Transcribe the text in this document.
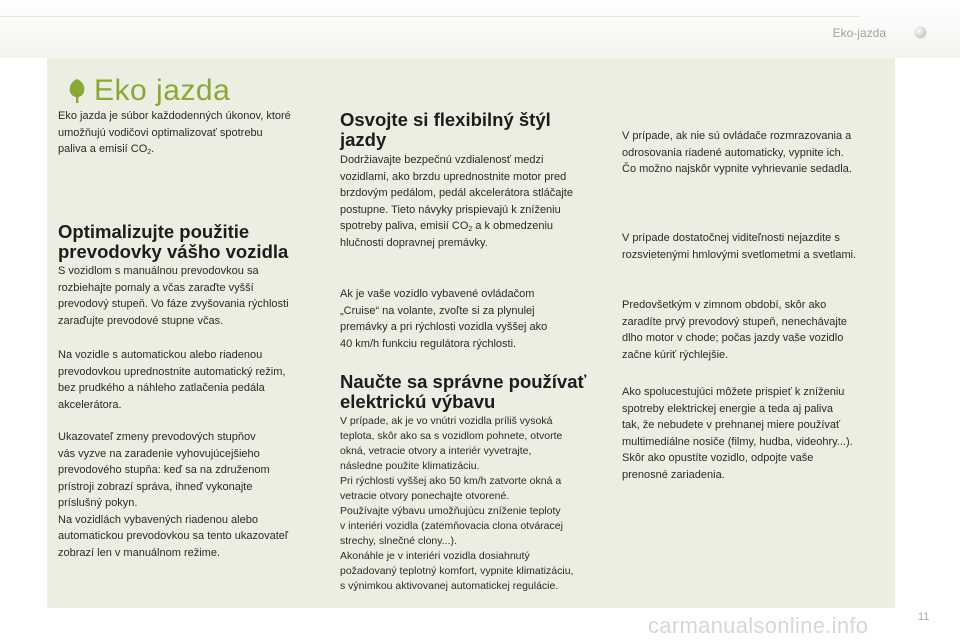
Eko-jazda
Eko jazda

Eko jazda je súbor každodenných úkonov, ktoré
umožňujú vodičovi optimalizovať spotrebu
paliva a emisií $CO_2$.

Optimalizujte použitie
prevodovky vášho vozidla

S vozidlom s manuálnou prevodovkou sa
rozbiehajte pomaly a včas zaraďte vyšší
prevodový stupeň. Vo fáze zvyšovania rýchlosti
zaraďujte prevodové stupne včas.

Na vozidle s automatickou alebo riadenou
prevodovkou uprednostnite automatický režim,
bez prudkého a náhleho zatlačenia pedála
akcelerátora.

Ukazovateľ zmeny prevodových stupňov
vás vyzve na zaradenie vyhovujúcejšieho
prevodového stupňa: keď sa na združenom
prístroji zobrazí správa, ihneď vykonajte
príslušný pokyn.
Na vozidlách vybavených riadenou alebo
automatickou prevodovkou sa tento ukazovateľ
zobrazí len v manuálnom režime.

Osvojte si flexibilný štýl
jazdy

Dodržiavajte bezpečnú vzdialenosť medzi
vozidlami, ako brzdu uprednostnite motor pred
brzdovým pedálom, pedál akcelerátora stláčajte
postupne. Tieto návyky prispievajú k zníženiu
spotreby paliva, emisií $CO_2$ a k obmedzeniu
hlučnosti dopravnej premávky.

Ak je vaše vozidlo vybavené ovládačom
„Cruise“ na volante, zvoľte si za plynulej
premávky a pri rýchlosti vozidla vyššej ako
40 km/h funkciu regulátora rýchlosti.

Naučte sa správne používať
elektrickú výbavu

V prípade, ak je vo vnútri vozidla príliš vysoká
teplota, skôr ako sa s vozidlom pohnete, otvorte
okná, vetracie otvory a interiér vyvetrajte,
následne použite klimatizáciu.
Pri rýchlosti vyššej ako 50 km/h zatvorte okná a
vetracie otvory ponechajte otvorené.
Používajte výbavu umožňujúcu zníženie teploty
v interiéri vozidla (zatemňovacia clona otváracej
strechy, slnečné clony...).
Akonáhle je v interiéri vozidla dosiahnutý
požadovaný teplotný komfort, vypnite klimatizáciu,
s výnimkou aktivovanej automatickej regulácie.

V prípade, ak nie sú ovládače rozmrazovania a
odrosovania riadené automaticky, vypnite ich.
Čo možno najskôr vypnite vyhrievanie sedadla.

V prípade dostatočnej viditeľnosti nejazdite s
rozsvietenými hmlovými svetlometmi a svetlami.

Predovšetkým v zimnom období, skôr ako
zaradíte prvý prevodový stupeň, nenechávajte
dlho motor v chode; počas jazdy vaše vozidlo
začne kúriť rýchlejšie.

Ako spolucestujúci môžete prispieť k zníženiu
spotreby elektrickej energie a teda aj paliva
tak, že nebudete v prehnanej miere používať
multimediálne nosiče (filmy, hudba, videohry...).
Skôr ako opustíte vozidlo, odpojte vaše
prenosné zariadenia.

11
carmanualsonline.info
